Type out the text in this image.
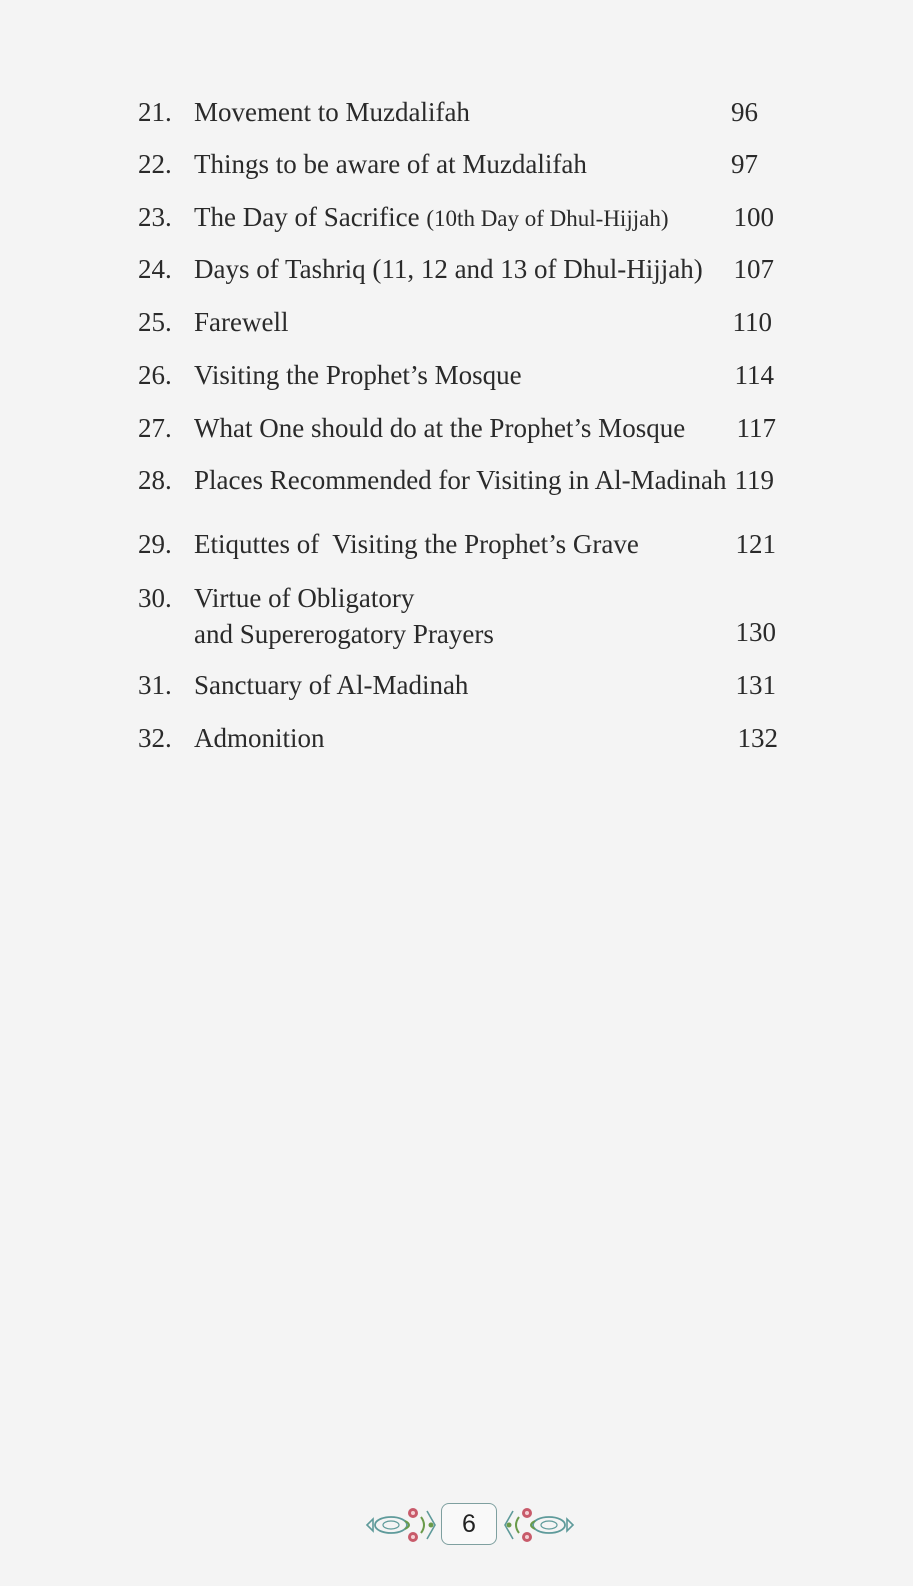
21. Movement to Muzdalifah	96
22. Things to be aware of at Muzdalifah	97
23. The Day of Sacrifice (10th Day of Dhul-Hijjah) 100
24. Days of Tashriq (11, 12 and 13 of Dhul-Hijjah) 107
25. Farewell	110
26. Visiting the Prophet’s Mosque	114
27. What One should do at the Prophet’s Mosque 117
28. Places Recommended for Visiting in Al-Madinah 119
29. Etiquttes of  Visiting the Prophet’s Grave	121
30. Virtue of Obligatory
and Supererogatory Prayers	130
31. Sanctuary of Al-Madinah	131
32. Admonition	132
6
